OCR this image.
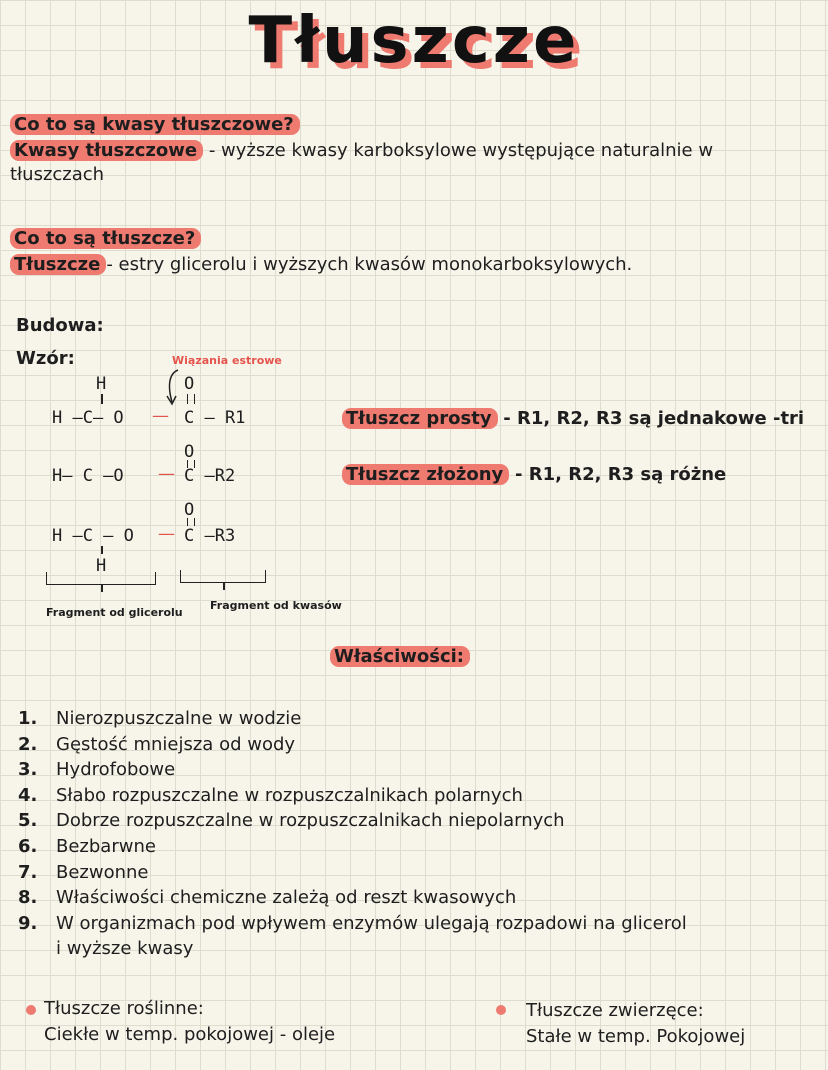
Tłuszcze
Co to są kwasy tłuszczowe?
Kwasy tłuszczowe - wyższe kwasy karboksylowe występujące naturalnie w
tłuszczach
Co to są tłuszcze?
Tłuszcze - estry glicerolu i wyższych kwasów monokarboksylowych.
Budowa:
Wzór:	Wiązania estrowe
H	O
H —C— O — C — R1
O
H— C —O — C —R2
O
H —C — O — C —R3
H
Fragment od glicerolu
Fragment od kwasów
Tłuszcz prosty - R1, R2, R3 są jednakowe -tri
Tłuszcz złożony - R1, R2, R3 są różne
Właściwości:
1.	Nierozpuszczalne w wodzie
2.	Gęstość mniejsza od wody
3.	Hydrofobowe
4.	Słabo rozpuszczalne w rozpuszczalnikach polarnych
5.	Dobrze rozpuszczalne w rozpuszczalnikach niepolarnych
6.	Bezbarwne
7.	Bezwonne
8.	Właściwości chemiczne zależą od reszt kwasowych
9.	W organizmach pod wpływem enzymów ulegają rozpadowi na glicerol i wyższe kwasy
Tłuszcze roślinne:
Ciekłe w temp. pokojowej - oleje
Tłuszcze zwierzęce:
Stałe w temp. Pokojowej
